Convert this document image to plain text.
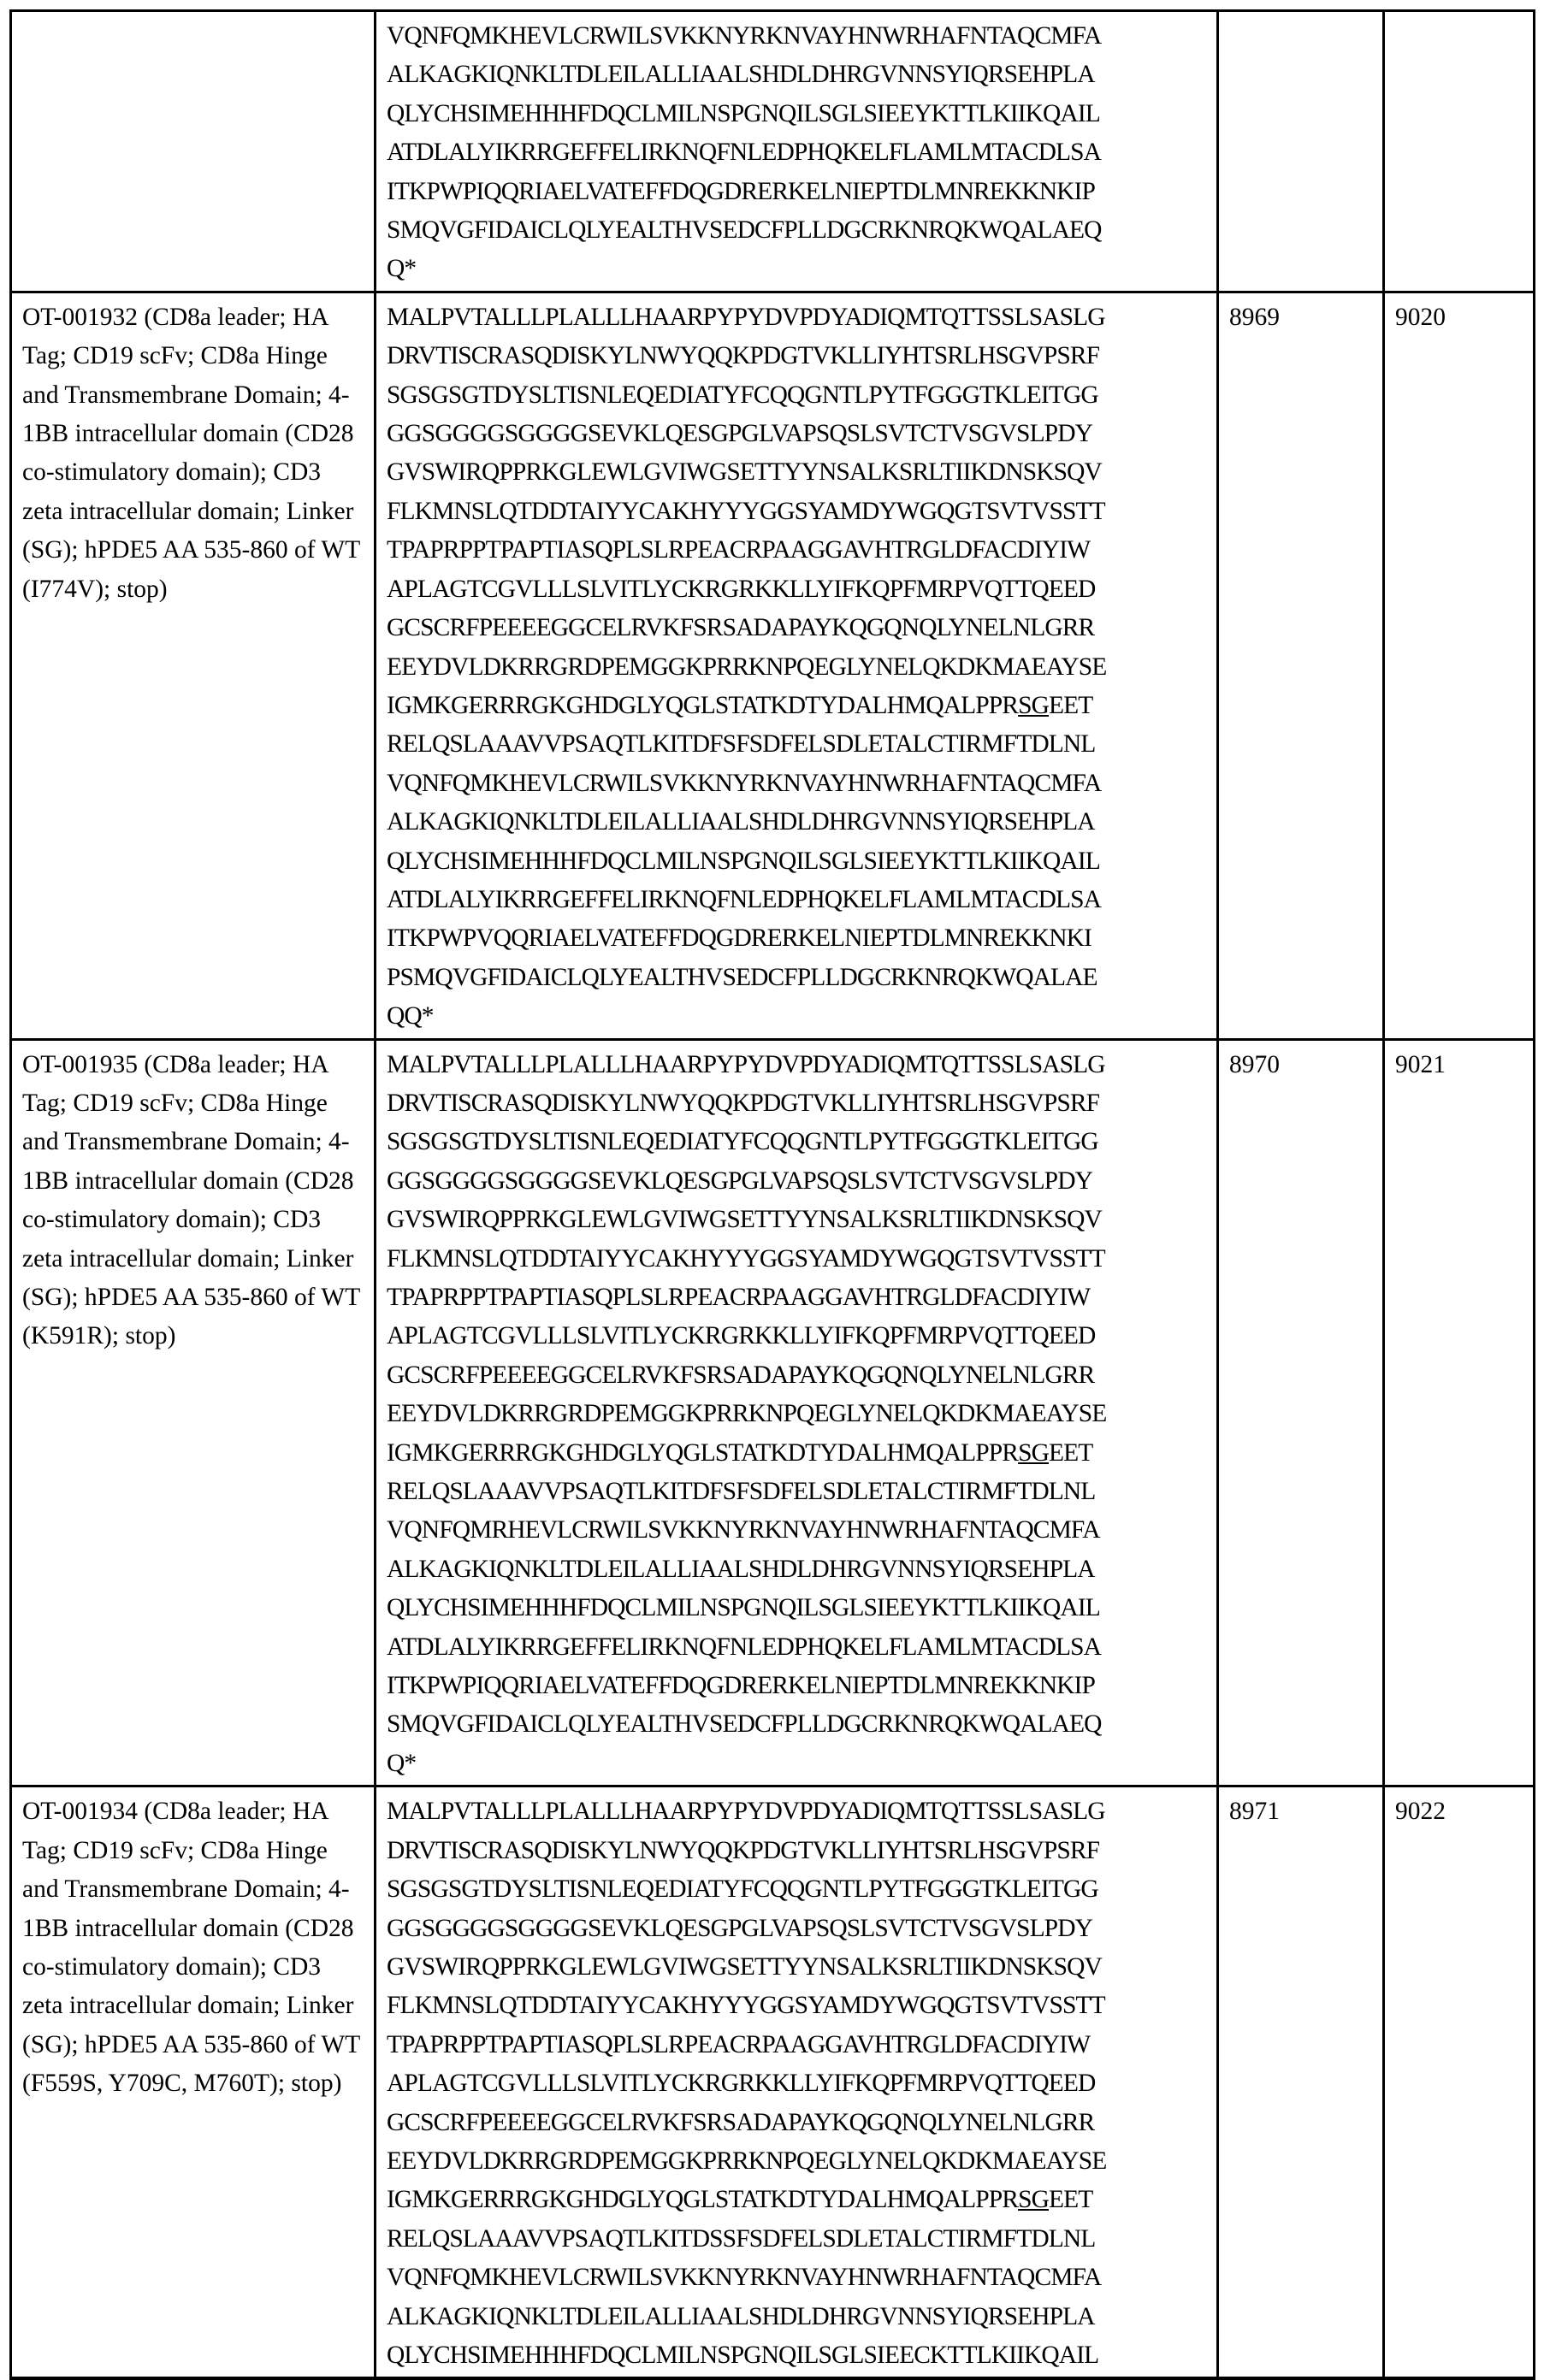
VQNFQMKHEVLCRWILSVKKNYRKNVAYHNWRHAFNTAQCMFA
ALKAGKIQNKLTDLEILALLIAALSHDLDHRGVNNSYIQRSEHPLA
QLYCHSIMEHHHFDQCLMILNSPGNQILSGLSIEEYKTTLKIIKQAIL
ATDLALYIKRRGEFFELIRKNQFNLEDPHQKELFLAMLMTACDLSA
ITKPWPIQQRIAELVATEFFDQGDRERKELNIEPTDLMNREKKNKIP
SMQVGFIDAICLQLYEALTHVSEDCFPLLDGCRKNRQKWQALAEQ
Q*

OT-001932 (CD8a leader; HA Tag; CD19 scFv; CD8a Hinge and Transmembrane Domain; 4-1BB intracellular domain (CD28 co-stimulatory domain); CD3 zeta intracellular domain; Linker (SG); hPDE5 AA 535-860 of WT (I774V); stop)	
MALPVTALLLPLALLLHAARPYPYDVPDYADIQMTQTTSSLSASLG
DRVTISCRASQDISKYLNWYQQKPDGTVKLLIYHTSRLHSGVPSRF
SGSGSGTDYSLTISNLEQEDIATYFCQQGNTLPYTFGGGTKLEITGG
GGSGGGGSGGGGSEVKLQESGPGLVAPSQSLSVTCTVSGVSLPDY
GVSWIRQPPRKGLEWLGVIWGSETTYYNSALKSRLTIIKDNSKSQV
FLKMNSLQTDDTAIYYCAKHYYYGGSYAMDYWGQGTSVTVSSTT
TPAPRPPTPAPTIASQPLSLRPEACRPAAGGAVHTRGLDFACDIYIW
APLAGTCGVLLLSLVITLYCKRGRKKLLYIFKQPFMRPVQTTQEED
GCSCRFPEEEEGGCELRVKFSRSADAPAYKQGQNQLYNELNLGRR
EEYDVLDKRRGRDPEMGGKPRRKNPQEGLYNELQKDKMAEAYSE
IGMKGERRRGKGHDGLYQGLSTATKDTYDALHMQALPPRSGEET
RELQSLAAAVVPSAQTLKITDFSFSDFELSDLETALCTIRMFTDLNL
VQNFQMKHEVLCRWILSVKKNYRKNVAYHNWRHAFNTAQCMFA
ALKAGKIQNKLTDLEILALLIAALSHDLDHRGVNNSYIQRSEHPLA
QLYCHSIMEHHHFDQCLMILNSPGNQILSGLSIEEYKTTLKIIKQAIL
ATDLALYIKRRGEFFELIRKNQFNLEDPHQKELFLAMLMTACDLSA
ITKPWPVQQRIAELVATEFFDQGDRERKELNIEPTDLMNREKKNKI
PSMQVGFIDAICLQLYEALTHVSEDCFPLLDGCRKNRQKWQALAE
QQ*
	8969	9020
OT-001935 (CD8a leader; HA Tag; CD19 scFv; CD8a Hinge and Transmembrane Domain; 4-1BB intracellular domain (CD28 co-stimulatory domain); CD3 zeta intracellular domain; Linker (SG); hPDE5 AA 535-860 of WT (K591R); stop)	
MALPVTALLLPLALLLHAARPYPYDVPDYADIQMTQTTSSLSASLG
DRVTISCRASQDISKYLNWYQQKPDGTVKLLIYHTSRLHSGVPSRF
SGSGSGTDYSLTISNLEQEDIATYFCQQGNTLPYTFGGGTKLEITGG
GGSGGGGSGGGGSEVKLQESGPGLVAPSQSLSVTCTVSGVSLPDY
GVSWIRQPPRKGLEWLGVIWGSETTYYNSALKSRLTIIKDNSKSQV
FLKMNSLQTDDTAIYYCAKHYYYGGSYAMDYWGQGTSVTVSSTT
TPAPRPPTPAPTIASQPLSLRPEACRPAAGGAVHTRGLDFACDIYIW
APLAGTCGVLLLSLVITLYCKRGRKKLLYIFKQPFMRPVQTTQEED
GCSCRFPEEEEGGCELRVKFSRSADAPAYKQGQNQLYNELNLGRR
EEYDVLDKRRGRDPEMGGKPRRKNPQEGLYNELQKDKMAEAYSE
IGMKGERRRGKGHDGLYQGLSTATKDTYDALHMQALPPRSGEET
RELQSLAAAVVPSAQTLKITDFSFSDFELSDLETALCTIRMFTDLNL
VQNFQMRHEVLCRWILSVKKNYRKNVAYHNWRHAFNTAQCMFA
ALKAGKIQNKLTDLEILALLIAALSHDLDHRGVNNSYIQRSEHPLA
QLYCHSIMEHHHFDQCLMILNSPGNQILSGLSIEEYKTTLKIIKQAIL
ATDLALYIKRRGEFFELIRKNQFNLEDPHQKELFLAMLMTACDLSA
ITKPWPIQQRIAELVATEFFDQGDRERKELNIEPTDLMNREKKNKIP
SMQVGFIDAICLQLYEALTHVSEDCFPLLDGCRKNRQKWQALAEQ
Q*
	8970	9021
OT-001934 (CD8a leader; HA Tag; CD19 scFv; CD8a Hinge and Transmembrane Domain; 4-1BB intracellular domain (CD28 co-stimulatory domain); CD3 zeta intracellular domain; Linker (SG); hPDE5 AA 535-860 of WT (F559S, Y709C, M760T); stop)	
MALPVTALLLPLALLLHAARPYPYDVPDYADIQMTQTTSSLSASLG
DRVTISCRASQDISKYLNWYQQKPDGTVKLLIYHTSRLHSGVPSRF
SGSGSGTDYSLTISNLEQEDIATYFCQQGNTLPYTFGGGTKLEITGG
GGSGGGGSGGGGSEVKLQESGPGLVAPSQSLSVTCTVSGVSLPDY
GVSWIRQPPRKGLEWLGVIWGSETTYYNSALKSRLTIIKDNSKSQV
FLKMNSLQTDDTAIYYCAKHYYYGGSYAMDYWGQGTSVTVSSTT
TPAPRPPTPAPTIASQPLSLRPEACRPAAGGAVHTRGLDFACDIYIW
APLAGTCGVLLLSLVITLYCKRGRKKLLYIFKQPFMRPVQTTQEED
GCSCRFPEEEEGGCELRVKFSRSADAPAYKQGQNQLYNELNLGRR
EEYDVLDKRRGRDPEMGGKPRRKNPQEGLYNELQKDKMAEAYSE
IGMKGERRRGKGHDGLYQGLSTATKDTYDALHMQALPPRSGEET
RELQSLAAAVVPSAQTLKITDSSFSDFELSDLETALCTIRMFTDLNL
VQNFQMKHEVLCRWILSVKKNYRKNVAYHNWRHAFNTAQCMFA
ALKAGKIQNKLTDLEILALLIAALSHDLDHRGVNNSYIQRSEHPLA
QLYCHSIMEHHHFDQCLMILNSPGNQILSGLSIEECKTTLKIIKQAIL
	8971	9022
